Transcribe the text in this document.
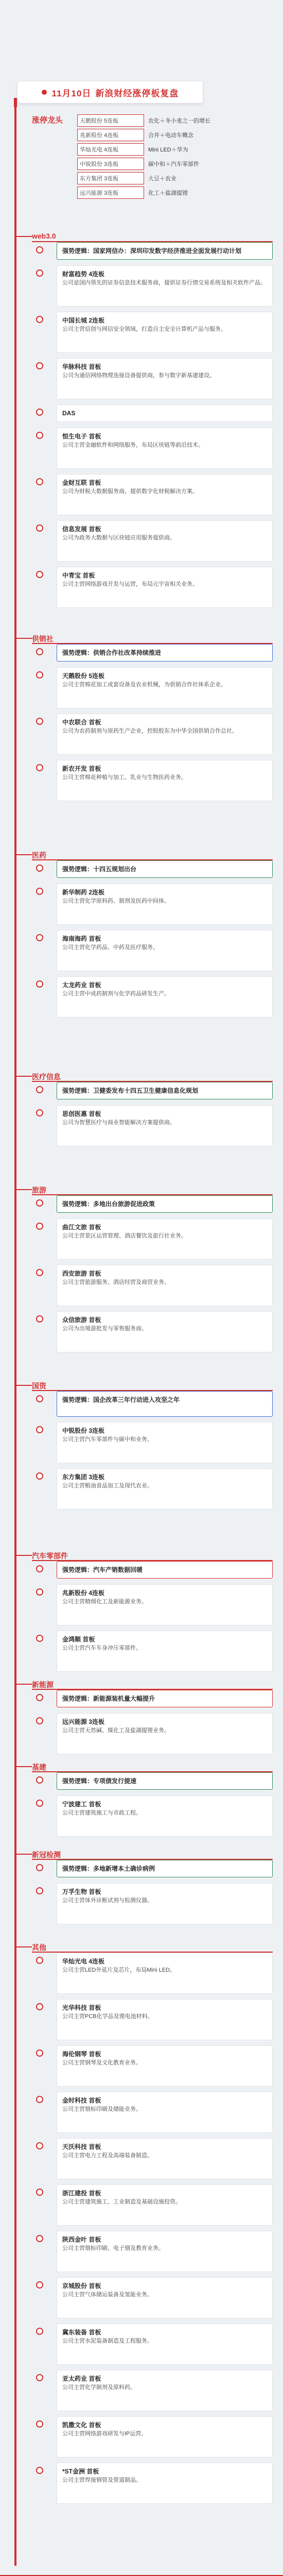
11月10日 新浪财经涨停板复盘
涨停龙头	天鹅股份 5连板	农化＋冬小麦之一的增长
兆新股份 4连板	合并＋电动车概念
华灿光电 4连板	Mini LED＋华为
中锐股份 3连板	碳中和＋汽车零部件
东方集团 3连板	大豆＋农业
远兴能源 3连板	化工＋盐湖提锂
web3.0
供销社
医药
医疗信息
旅游
国资
汽车零部件
新能源
基建
新冠检测
其他
强势逻辑：国家网信办：深圳印发数字经济推进全面发展行动计划
财富趋势 4连板
公司是国内领先的证券信息技术服务商，提供证券行情交易系统及相关软件产品。
中国长城 2连板
公司主营信创与网信安全领域，打造自主安全计算机产品与服务。
华脉科技 首板
公司为通信网络物理连接设备提供商，参与数字新基建建设。
DAS
恒生电子 首板
公司主营金融软件和网络服务，布局区块链等前沿技术。
金财互联 首板
公司为财税大数据服务商，提供数字化财税解决方案。
信息发展 首板
公司为政务大数据与区块链应用服务提供商。
中青宝 首板
公司主营网络游戏开发与运营，布局元宇宙相关业务。
强势逻辑：供销合作社改革持续推进
天鹅股份 5连板
公司主营棉花加工成套设备及农业机械，为供销合作社体系企业。
中农联合 首板
公司为农药制剂与原药生产企业，控股股东为中华全国供销合作总社。
新农开发 首板
公司主营棉花种植与加工、乳业与生物医药业务。
强势逻辑：十四五规划出台
新华制药 2连板
公司主营化学原料药、制剂及医药中间体。
海南海药 首板
公司主营化学药品、中药及医疗服务。
太龙药业 首板
公司主营中成药制剂与化学药品研发生产。
强势逻辑：卫健委发布十四五卫生健康信息化规划
思创医惠 首板
公司为智慧医疗与商业智能解决方案提供商。
强势逻辑：多地出台旅游促进政策
曲江文旅 首板
公司主营景区运营管理、酒店餐饮及旅行社业务。
西安旅游 首板
公司主营旅游服务、酒店经营及商贸业务。
众信旅游 首板
公司为出境游批发与零售服务商。
强势逻辑：国企改革三年行动进入攻坚之年
中锐股份 3连板
公司主营汽车零部件与碳中和业务。
东方集团 3连板
公司主营粮油食品加工及现代农业。
强势逻辑：汽车产销数据回暖
兆新股份 4连板
公司主营精细化工及新能源业务。
金鸿顺 首板
公司主营汽车车身冲压零部件。
强势逻辑：新能源装机量大幅提升
远兴能源 3连板
公司主营天然碱、煤化工及盐湖提锂业务。
强势逻辑：专项债发行提速
宁波建工 首板
公司主营建筑施工与市政工程。
强势逻辑：多地新增本土确诊病例
万孚生物 首板
公司主营体外诊断试剂与检测仪器。
华灿光电 4连板
公司主营LED外延片及芯片，布局Mini LED。
光华科技 首板
公司主营PCB化学品及锂电池材料。
海伦钢琴 首板
公司主营钢琴及文化教育业务。
金时科技 首板
公司主营烟标印刷及储能业务。
天沃科技 首板
公司主营电力工程及高端装备制造。
浙江建投 首板
公司主营建筑施工、工业制造及基础设施投资。
陕西金叶 首板
公司主营烟标印刷、电子烟及教育业务。
京城股份 首板
公司主营气体储运装备及氢能业务。
冀东装备 首板
公司主营水泥装备制造及工程服务。
亚太药业 首板
公司主营化学制剂及原料药。
凯撒文化 首板
公司主营网络游戏研发与IP运营。
*ST金洲 首板
公司主营焊接钢管及管道制品。
